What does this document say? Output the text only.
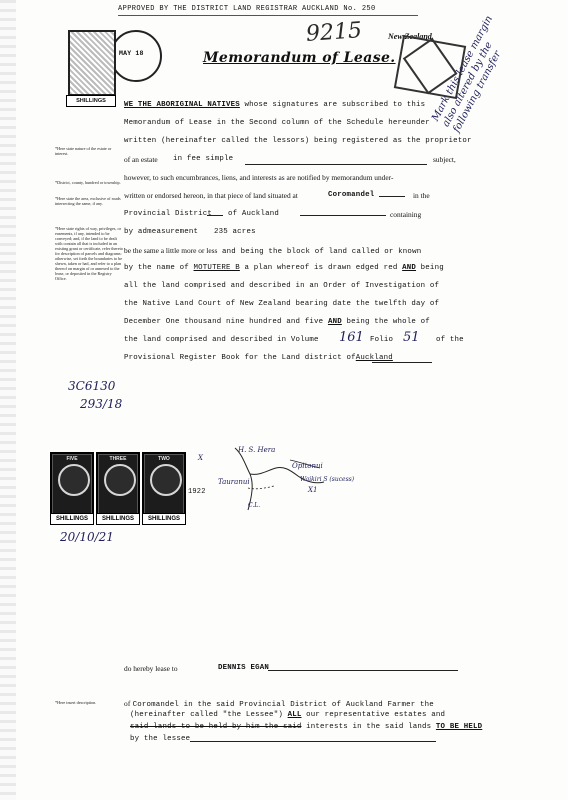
APPROVED BY THE DISTRICT LAND REGISTRAR AUCKLAND No. 250
Memorandum of Lease.
9215	New Zealand.
MAY 18
SHILLINGS	Mark this lease margin also altered by the following transfer
*Here state nature of the estate or interest.
*District, county, hundred or township.
*Here state the area, exclusive of roads intersecting the same, if any.
*Here state rights of way, privileges, or easements, if any, intended to be conveyed; and, if the land to be dealt with contain all that is included in an existing grant or certificate, refer thereto for description of parcels and diagrams: otherwise, set forth the boundaries to be shewn, taken or had, and refer to a plan thereof on margin of or annexed to the lease, or deposited in the Registry Office.
WE THE ABORIGINAL NATIVES whose signatures are subscribed to this
Memorandum of Lease in the Second column of the Schedule hereunder
written (hereinafter called the lessors) being registered as the proprietor
of an estate in fee simple	subject,
however, to such encumbrances, liens, and interests as are notified by memorandum under-
written or endorsed hereon, in that piece of land situated at	Coromandel	in the
Provincial District of Auckland	containing
by admeasurement 235 acres
be the same a little more or less and being the block of land called or known
by the name of MOTUTERE B a plan whereof is drawn edged red AND being
all the land comprised and described in an Order of Investigation of
the Native Land Court of New Zealand bearing date the twelfth day of
December One thousand nine hundred and five AND being the whole of
the land comprised and described in Volume 161 Folio 51 of the
Provisional Register Book for the Land district ofAuckland
3C6130
293/18
FIVE
SHILLINGS
THREE
SHILLINGS
TWO
SHILLINGS
1922
20/10/21
H. S. Hera
Opitonui
Tauranui	Waikiri S (sucess)
X1
X
C.L.
do hereby lease to	DENNIS EGAN
*Here insert description.	of Coromandel in the said Provincial District of Auckland Farmer the
(hereinafter called "the Lessee") ALL our representative estates and
said lands to be held by him the said interests in the said lands TO BE HELD
by the lessee
